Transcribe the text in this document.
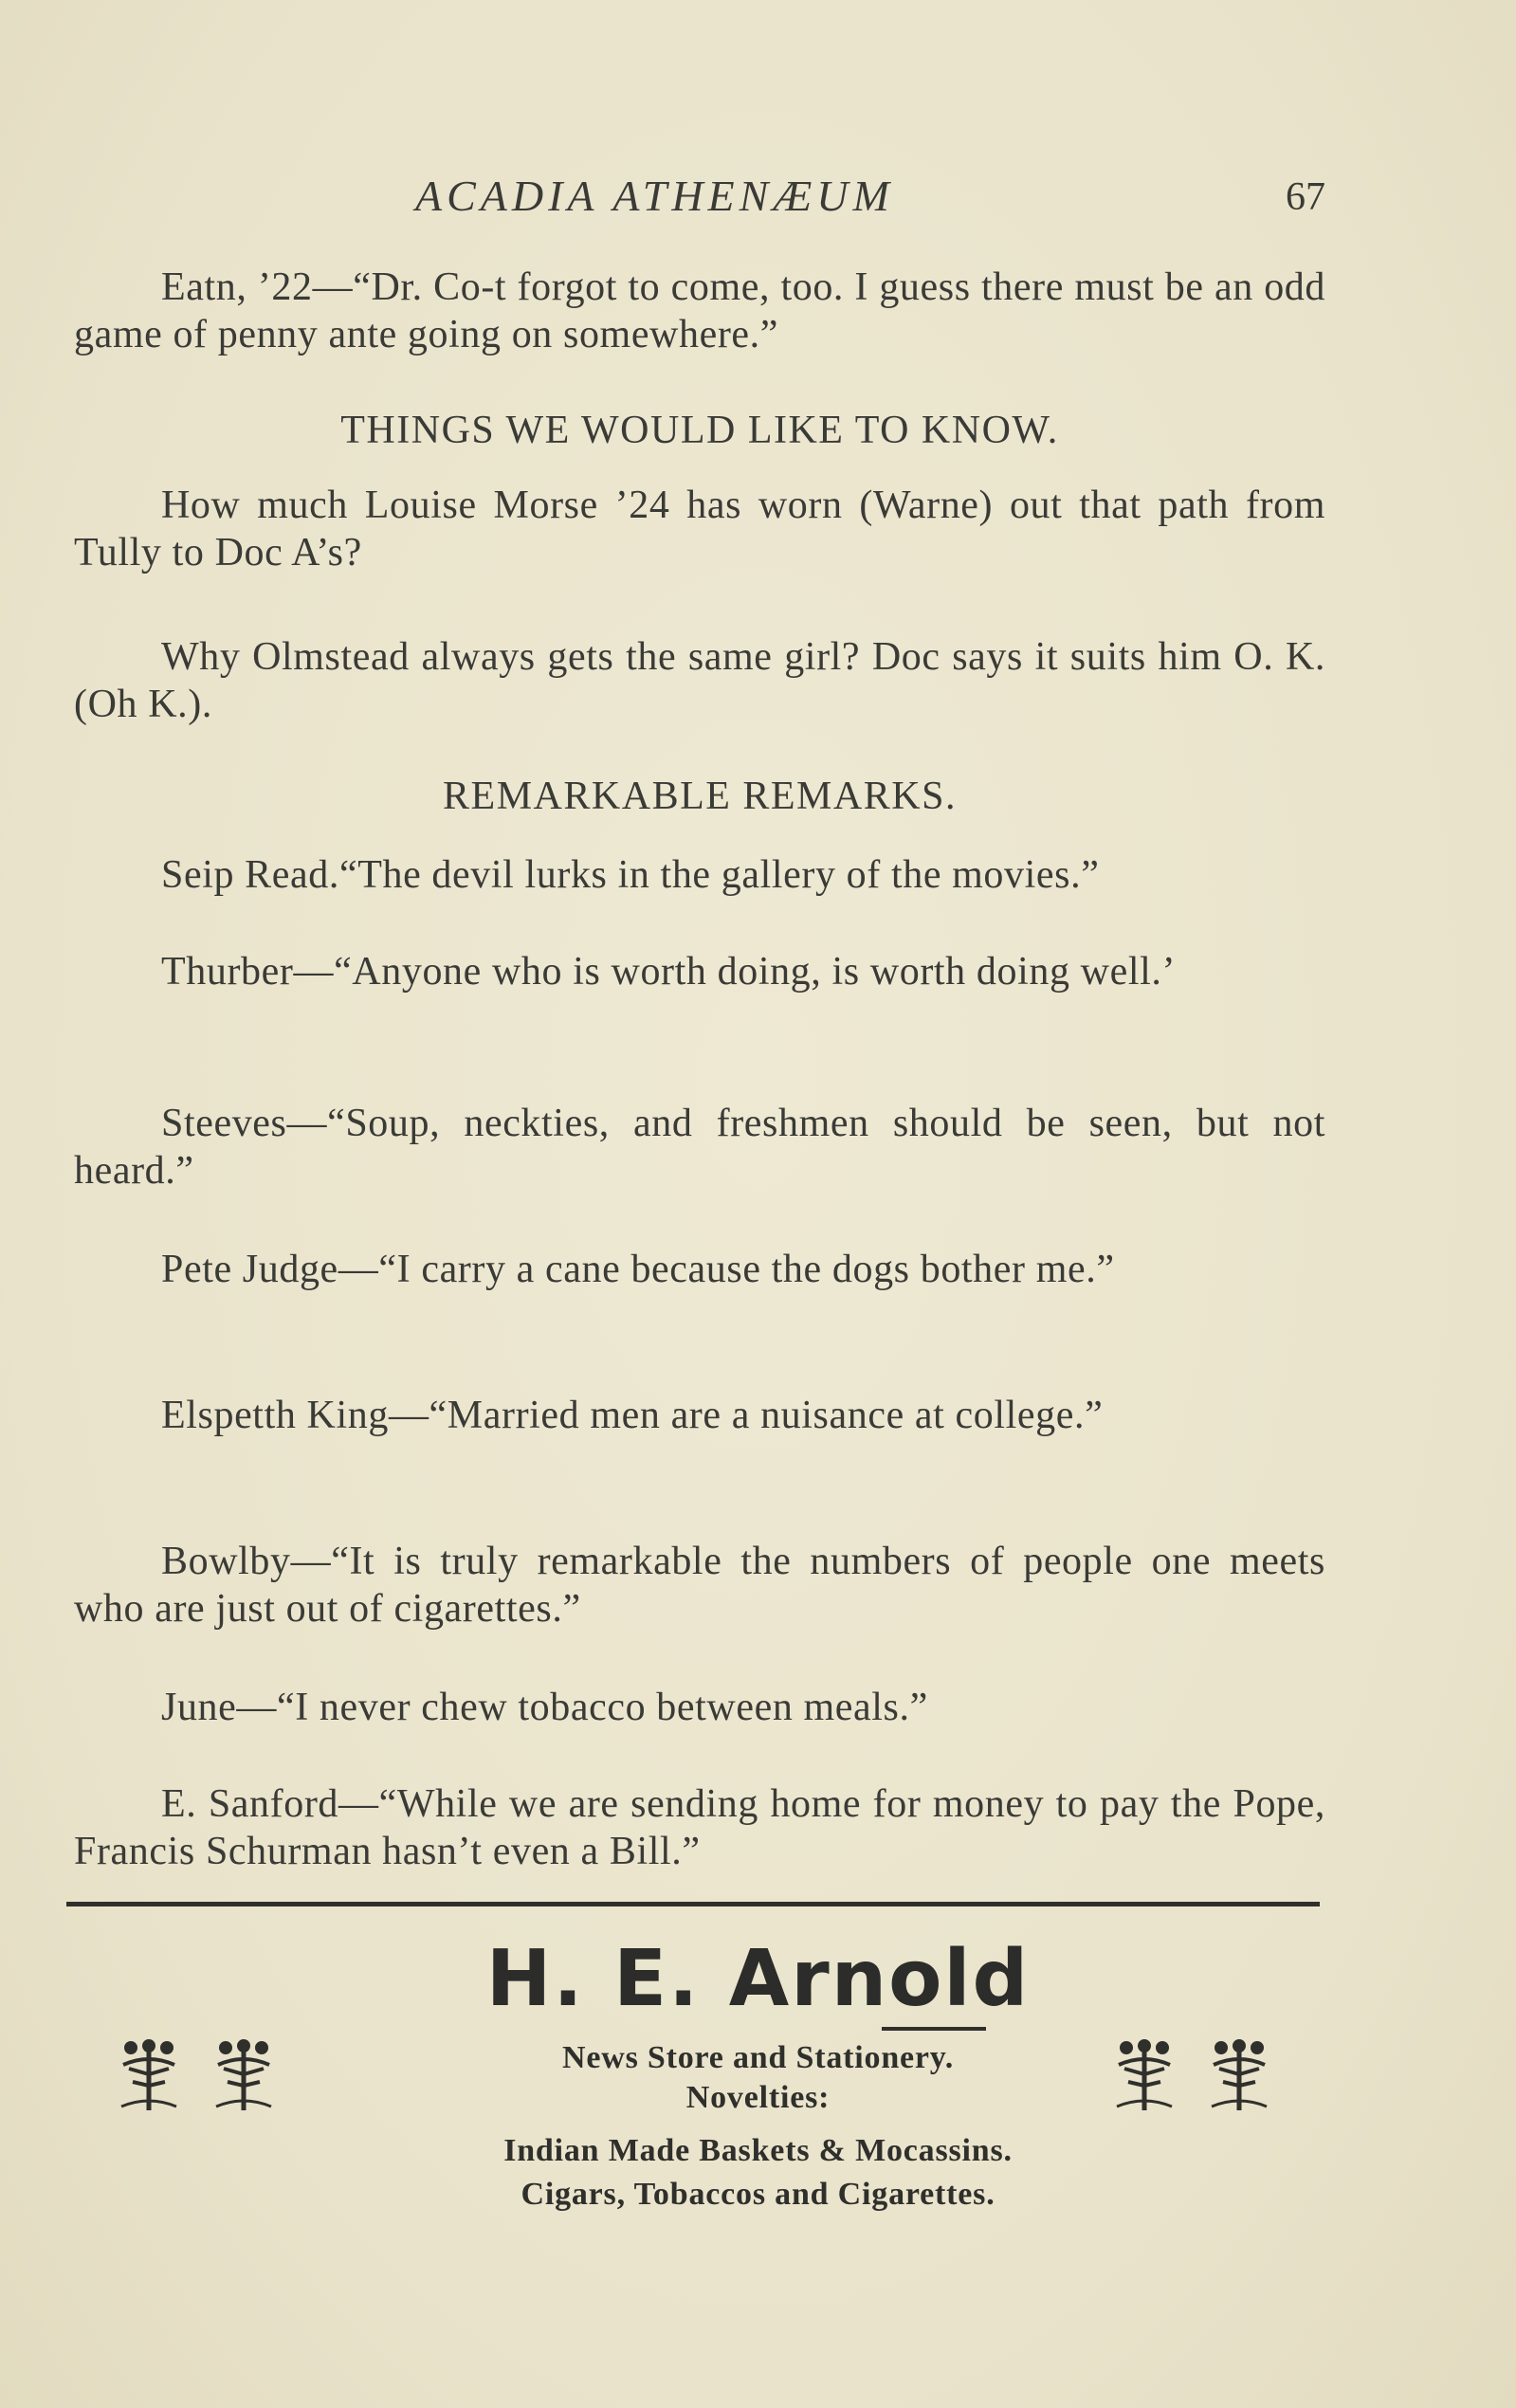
ACADIA ATHENÆUM	67

Eatn, ’22—“Dr. Co-t forgot to come, too. I guess there must be an odd game of penny ante going on somewhere.”

THINGS WE WOULD LIKE TO KNOW.

How much Louise Morse ’24 has worn (Warne) out that path from Tully to Doc A’s?

Why Olmstead always gets the same girl? Doc says it suits him O. K. (Oh K.).

REMARKABLE REMARKS.

Seip Read.“The devil lurks in the gallery of the movies.”

Thurber—“Anyone who is worth doing, is worth doing well.’

Steeves—“Soup, neckties, and freshmen should be seen, but not heard.”

Pete Judge—“I carry a cane because the dogs bother me.”

Elspetth King—“Married men are a nuisance at college.”

Bowlby—“It is truly remarkable the numbers of people one meets who are just out of cigarettes.”

June—“I never chew tobacco between meals.”

E. Sanford—“While we are sending home for money to pay the Pope, Francis Schurman hasn’t even a Bill.”

H. E. Arnold
News Store and Stationery.
Novelties:
Indian Made Baskets & Mocassins.
Cigars, Tobaccos and Cigarettes.
